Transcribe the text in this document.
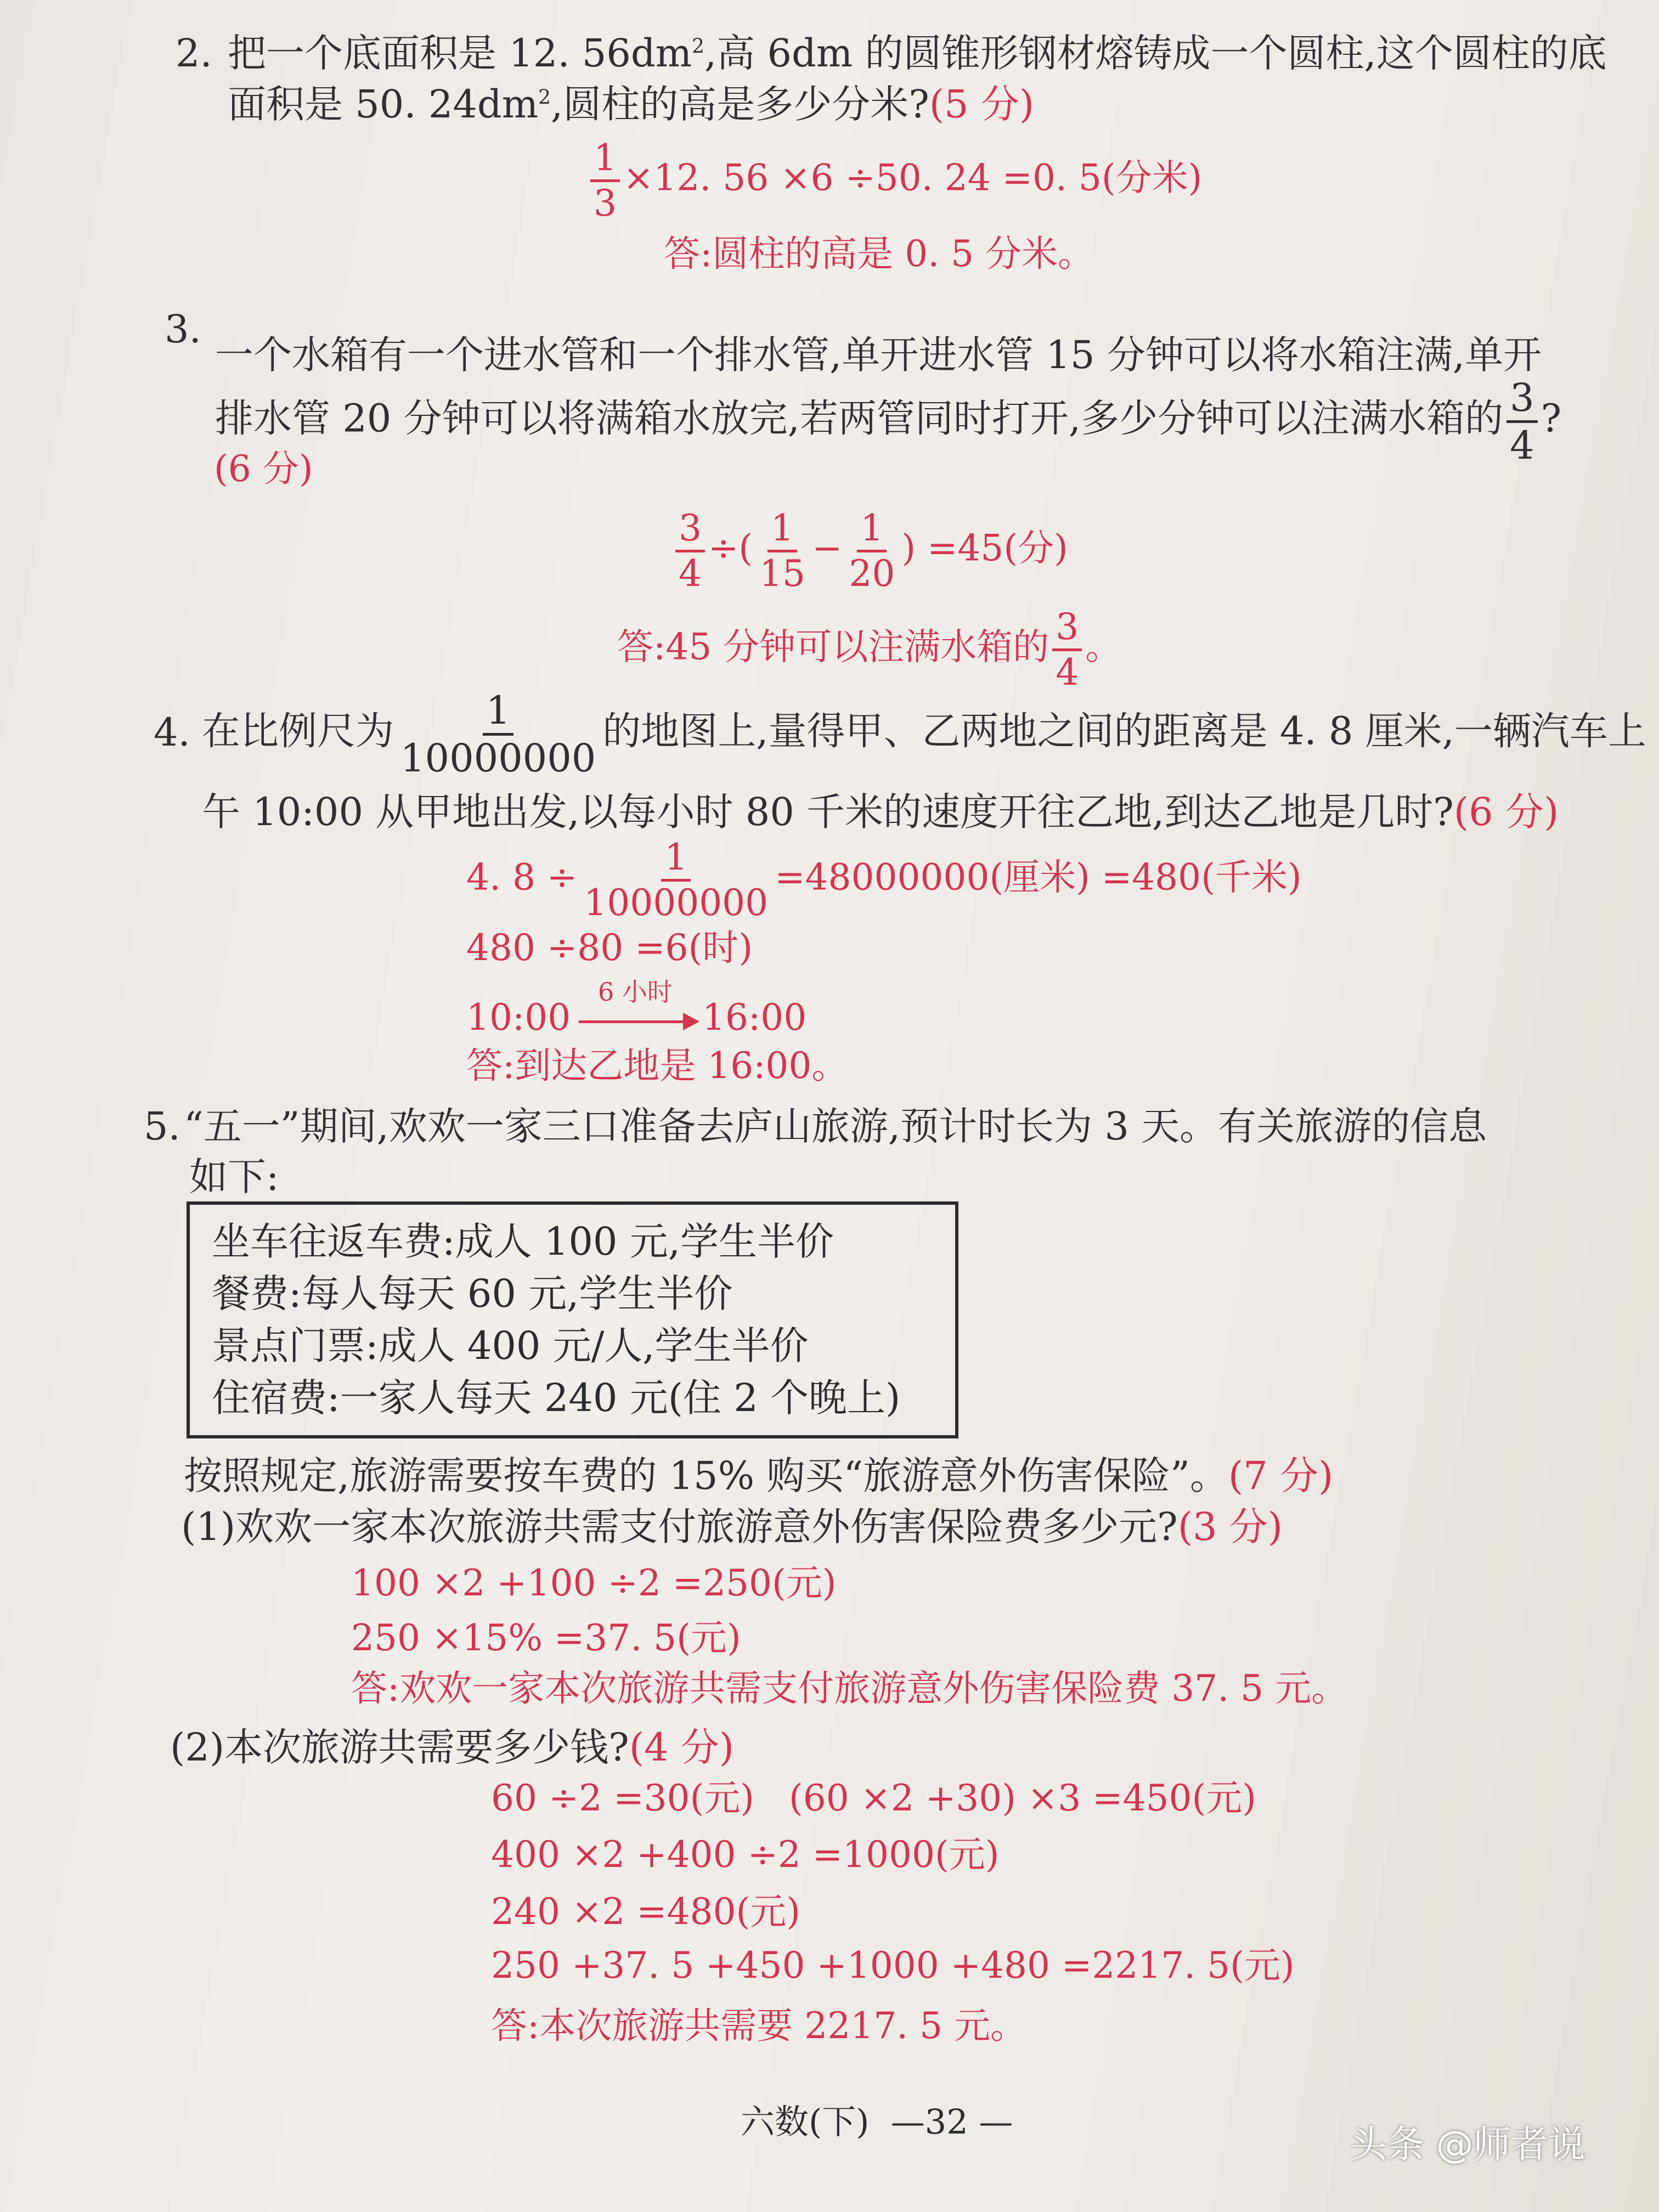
2. 把一个底面积是 12. $56dm^2$,高 6dm 的圆锥形钢材熔铸成一个圆柱,这个圆柱的底
面积是 50. $24dm^2$,圆柱的高是多少分米?(5 分)
$\frac{1}{3} \times 12$. 56 ×6 ÷50. 24 =0. 5(分米)
答:圆柱的高是 0. 5 分米。
3.
一个水箱有一个进水管和一个排水管,单开进水管 15 分钟可以将水箱注满,单开
排水管 20 分钟可以将满箱水放完,若两管同时打开,多少分钟可以注满水箱的 $\frac{3}{4}$ ?
(6 分)
$\frac{3}{4}$ ÷( $\frac{1}{15} - \frac{1}{20}$ ) =45(分)
答:45 分钟可以注满水箱的 $\frac{3}{4}$ 。
4. 在比例尺为 $\frac{1}{10000000}$ 的地图上,量得甲、乙两地之间的距离是 4. 8 厘米,一辆汽车上
午 10:00 从甲地出发,以每小时 80 千米的速度开往乙地,到达乙地是几时?(6 分)
4. $8 \div \frac{1}{10000000} =48000000$(厘米) =480(千米)
480 ÷80 =6(时)
10:00
6 小时
16:00
答:到达乙地是 16:00。
5. “五一”期间,欢欢一家三口准备去庐山旅游,预计时长为 3 天。有关旅游的信息
如下:
坐车往返车费:成人 100 元,学生半价
餐费:每人每天 60 元,学生半价
景点门票:成人 400 元/人,学生半价
住宿费:一家人每天 240 元(住 2 个晚上)
按照规定,旅游需要按车费的 15% 购买“旅游意外伤害保险”。(7 分)
(1)欢欢一家本次旅游共需支付旅游意外伤害保险费多少元?(3 分)
100 ×2 +100 ÷2 =250(元)
250 ×15% =37. 5(元)
答:欢欢一家本次旅游共需支付旅游意外伤害保险费 37. 5 元。
(2)本次旅游共需要多少钱?(4 分)
60 ÷2 =30(元)   (60 ×2 +30) ×3 =450(元)
400 ×2 +400 ÷2 =1000(元)
240 ×2 =480(元)
250 +37. 5 +450 +1000 +480 =2217. 5(元)
答:本次旅游共需要 2217. 5 元。
六数(下)  —32 —
头条 @师者说
